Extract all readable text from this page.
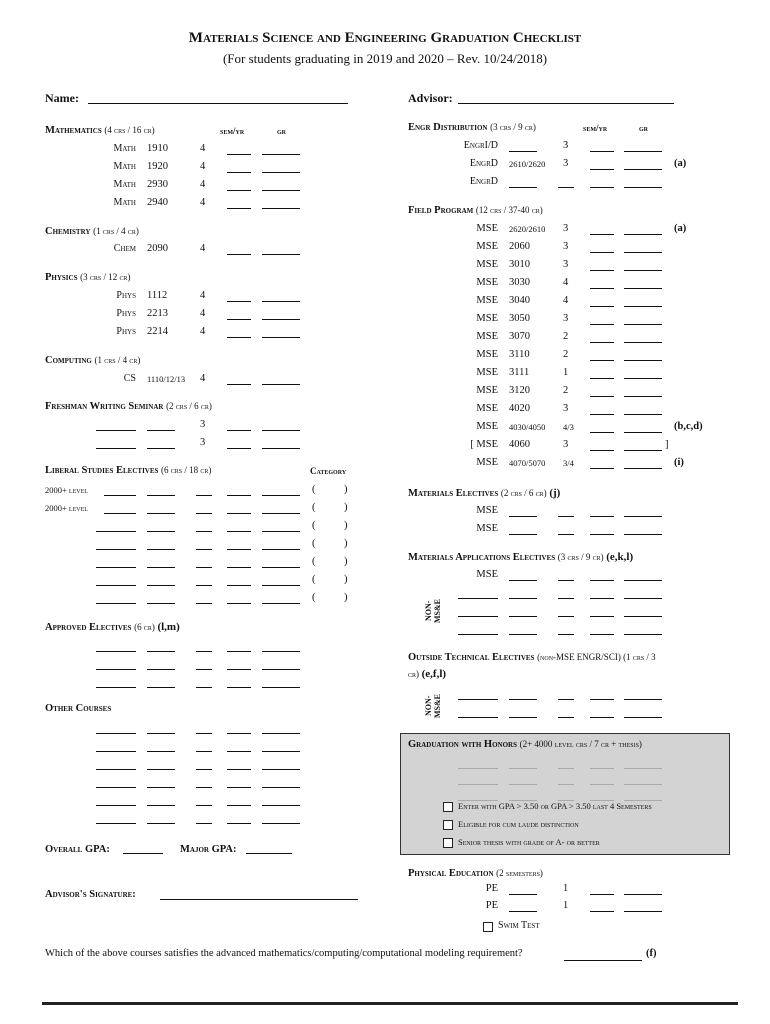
Materials Science and Engineering Graduation Checklist
(For students graduating in 2019 and 2020 – Rev. 10/24/2018)
Name:	Advisor:
Mathematics (4 crs / 16 cr)	sem/yr	gr
Math 1910	4
Math 1920	4
Math 2930	4
Math 2940	4
Chemistry (1 crs / 4 cr)
Chem 2090	4
Physics (3 crs / 12 cr)
Phys 1112	4
Phys 2213	4
Phys 2214	4
Computing (1 crs / 4 cr)
CS 1110/12/13 4
Freshman Writing Seminar (2 crs / 6 cr)
3
3
Liberal Studies Electives (6 crs / 18 cr)	Category
2000+ level	(	)
2000+ level	(	)
(	)
(	)
(	)
(	)
(	)
Approved Electives (6 cr) (l,m)
Other Courses
Overall GPA:	Major GPA:
Advisor's Signature:
Engr Distribution (3 crs / 9 cr)	sem/yr	gr
EngrI/D	3
EngrD 2610/2620 3	(a)
EngrD
Field Program (12 crs / 37-40 cr)
MSE 2620/2610 3	(a)
MSE 2060	3
MSE 3010	3
MSE 3030	4
MSE 3040	4
MSE 3050	3
MSE 3070	2
MSE 3110	2
MSE 3111	1
MSE 3120	2
MSE 4020	3
MSE 4030/4050 4/3	(b,c,d)
[ MSE 4060	3	]
MSE 4070/5070 3/4	(i)
Materials Electives (2 crs / 6 cr) (j)
MSE
MSE
Materials Applications Electives (3 crs / 9 cr) (e,k,l)
MSE
NON-MS&E
Outside Technical Electives (non-MSE ENGR/SCI) (1 crs / 3
cr) (e,f,l)
NON-MS&E
Graduation with Honors (2+ 4000 level crs / 7 cr + thesis)
Enter with GPA > 3.50 or GPA > 3.50 last 4 Semesters
Eligible for cum laude distinction
Senior thesis with grade of A- or better
Physical Education (2 semesters)
PE	1
PE	1
Swim Test
Which of the above courses satisfies the advanced mathematics/computing/computational modeling requirement?	(f)
